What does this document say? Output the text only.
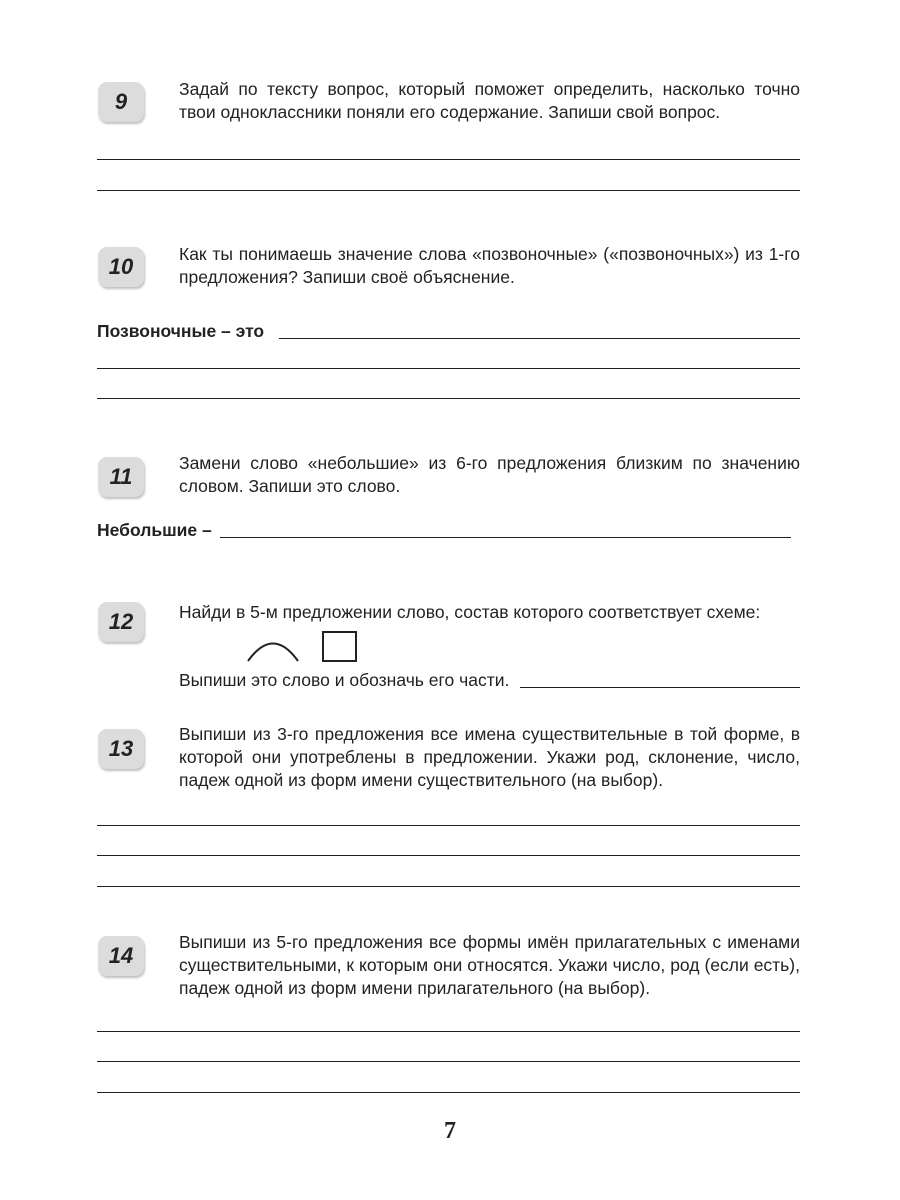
9	Задай по тексту вопрос, который поможет определить, насколько точно твои одноклассники поняли его содержание. Запиши свой вопрос.
10	Как ты понимаешь значение слова «позвоночные» («позвоночных») из 1-го предложения? Запиши своё объяснение.
Позвоночные – это
11
Замени слово «небольшие» из 6-го предложения близким по значению словом. Запиши это слово.
Небольшие –
12	Найди в 5-м предложении слово, состав которого соответствует схеме:
Выпиши это слово и обозначь его части.
13
Выпиши из 3-го предложения все имена существительные в той форме, в которой они употреблены в предложении. Укажи род, склонение, число, падеж одной из форм имени существительного (на выбор).
14
Выпиши из 5-го предложения все формы имён прилагательных с именами существительными, к которым они относятся. Укажи число, род (если есть), падеж одной из форм имени прилагательного (на выбор).
7
